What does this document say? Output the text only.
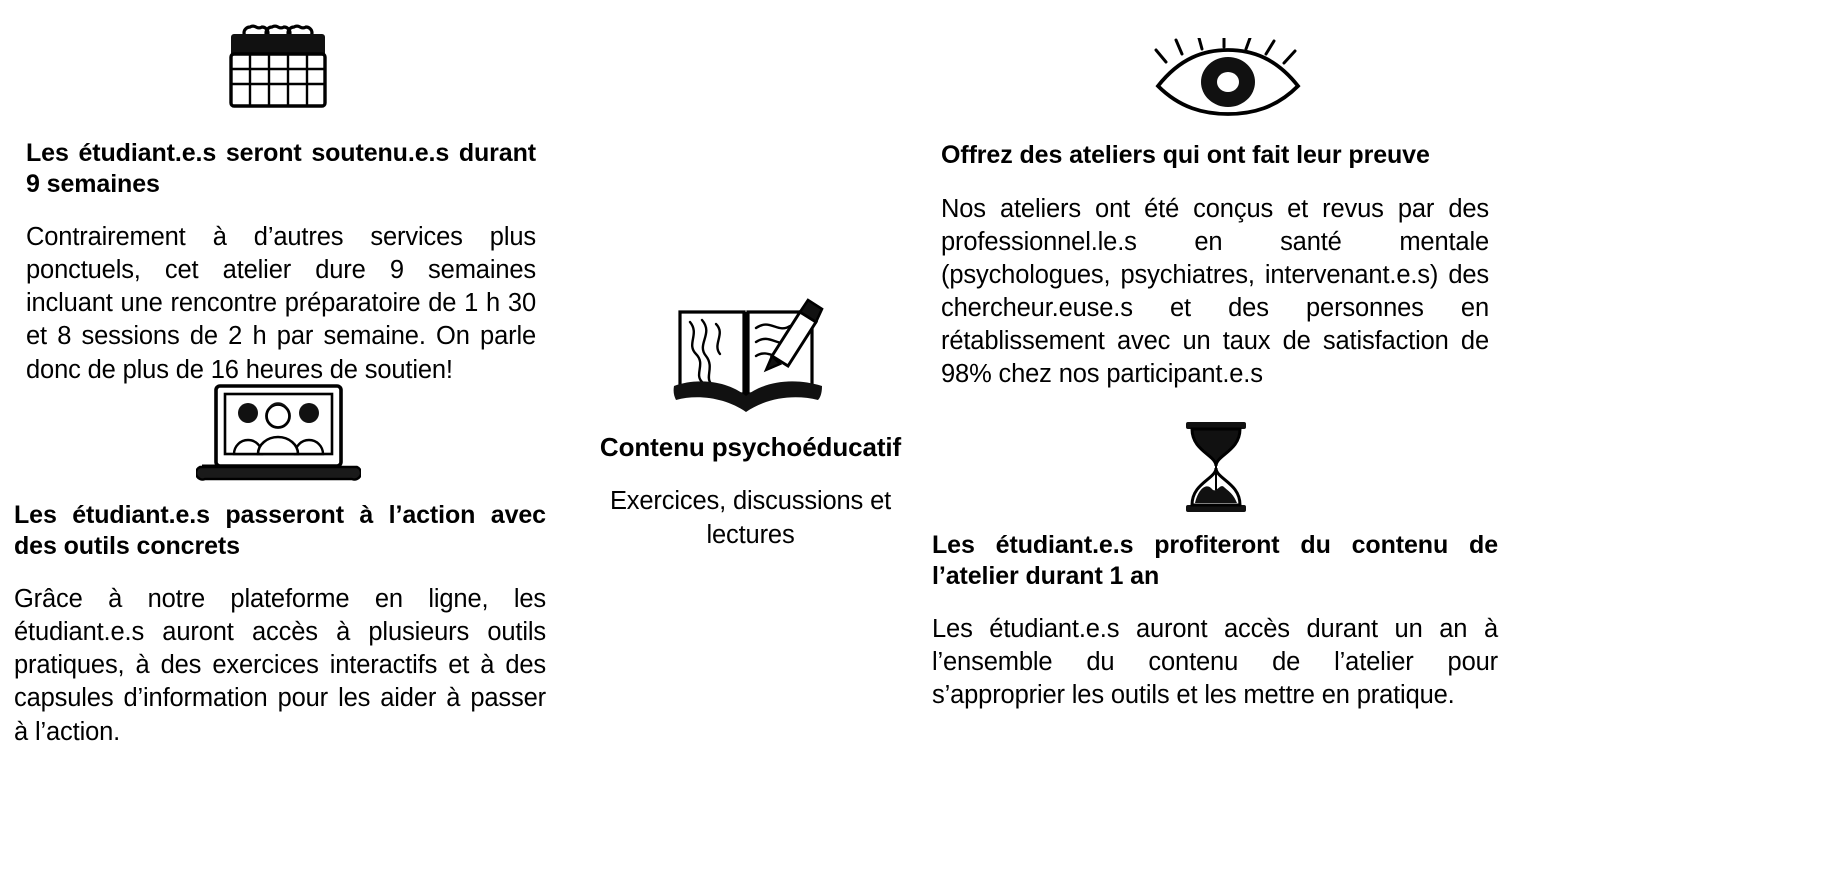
Les étudiant.e.s seront soutenu.e.s durant 9 semaines
Contrairement à d’autres services plus ponctuels, cet atelier dure 9 semaines incluant une rencontre préparatoire de 1 h 30 et 8 sessions de 2 h par semaine. On parle donc de plus de 16 heures de soutien!
Les étudiant.e.s passeront à l’action avec des outils concrets
Grâce à notre plateforme en ligne, les étudiant.e.s auront accès à plusieurs outils pratiques, à des exercices interactifs et à des capsules d’information pour les aider à passer à l’action.
Contenu psychoéducatif
Exercices, discussions et lectures
Offrez des ateliers qui ont fait leur preuve
Nos ateliers ont été conçus et revus par des professionnel.le.s en santé mentale (psychologues, psychiatres, intervenant.e.s) des chercheur.euse.s et des personnes en rétablissement avec un taux de satisfaction de 98% chez nos participant.e.s
Les étudiant.e.s profiteront du contenu de l’atelier durant 1 an
Les étudiant.e.s auront accès durant un an à l’ensemble du contenu de l’atelier pour s’approprier les outils et les mettre en pratique.
